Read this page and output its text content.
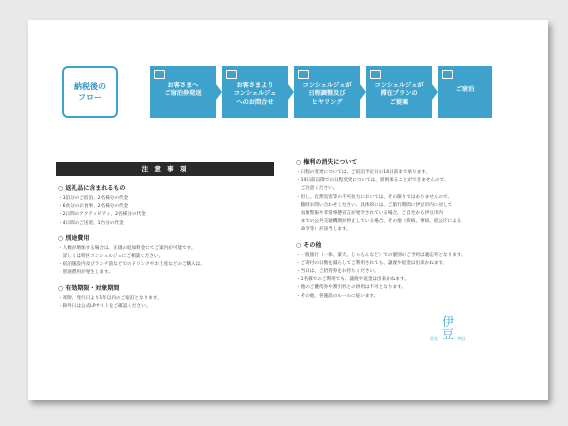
納税後の
フロー
お客さまへ
ご宿泊券発送
お客さまより
コンシェルジュ
へのお問合せ
コンシェルジュが
日程調整及び
ヒヤリング
コンシェルジュが
滞在プランの
ご提案
ご宿泊
注 意 事 項
○ 返礼品に含まれるもの
・3泊分のご宿泊、2名様分の代金
・6食分のお食事、2名様分の代金
・2日間のアクティビティ、2名様分の代金
・4日間のご送迎、1台分の代金
○ 別途費用
・人数が増加する場合は、正規の追加料金にてご案内が可能です。
　詳しくは特区コンシェルジュにご相談ください。
・宿泊施設内及びランチ前などでのドリンクやお土産などのご購入は、
　別途費用が発生します。
○ 有効期限・対象期間
・寄附、発行日より1年以内のご宿泊となります。
・除外日は公式LPサイトをご確認ください。
○ 権利の消失について
・日程の変更については、ご宿泊予定日の14日前まで承ります。
・14日前以降での日程変更については、原則承ることができませんので、
　ご注意ください。
・但し、自然災害等の不可抗力においては、その限りではありませんので、
　随時お問い合わせください。具体的には、ご旅行期間に伊豆市内に対して
　気象警報や非常事態宣言が発令されている場合、ご自宅から伊豆市内
　までの公共交通機関が停止している場合、その他（疾病、事故、宿公庁による
　命令等）が該当します。
○ その他
・一般旅行（一休、楽天、じゃらんなど）での個別のご予約は適応外となります。
・ご寄付の日数を減らしてご利用されても、譲渡や返金は出来かねます。
・当日は、ご招待券をお持ちください。
・1名様でのご利用でも、譲渡や返金は出来かねます。
・他のご優待券や割引券との併用は不可となります。
・その他、各施設のルールに従います。
里見
伊
豆 特区
